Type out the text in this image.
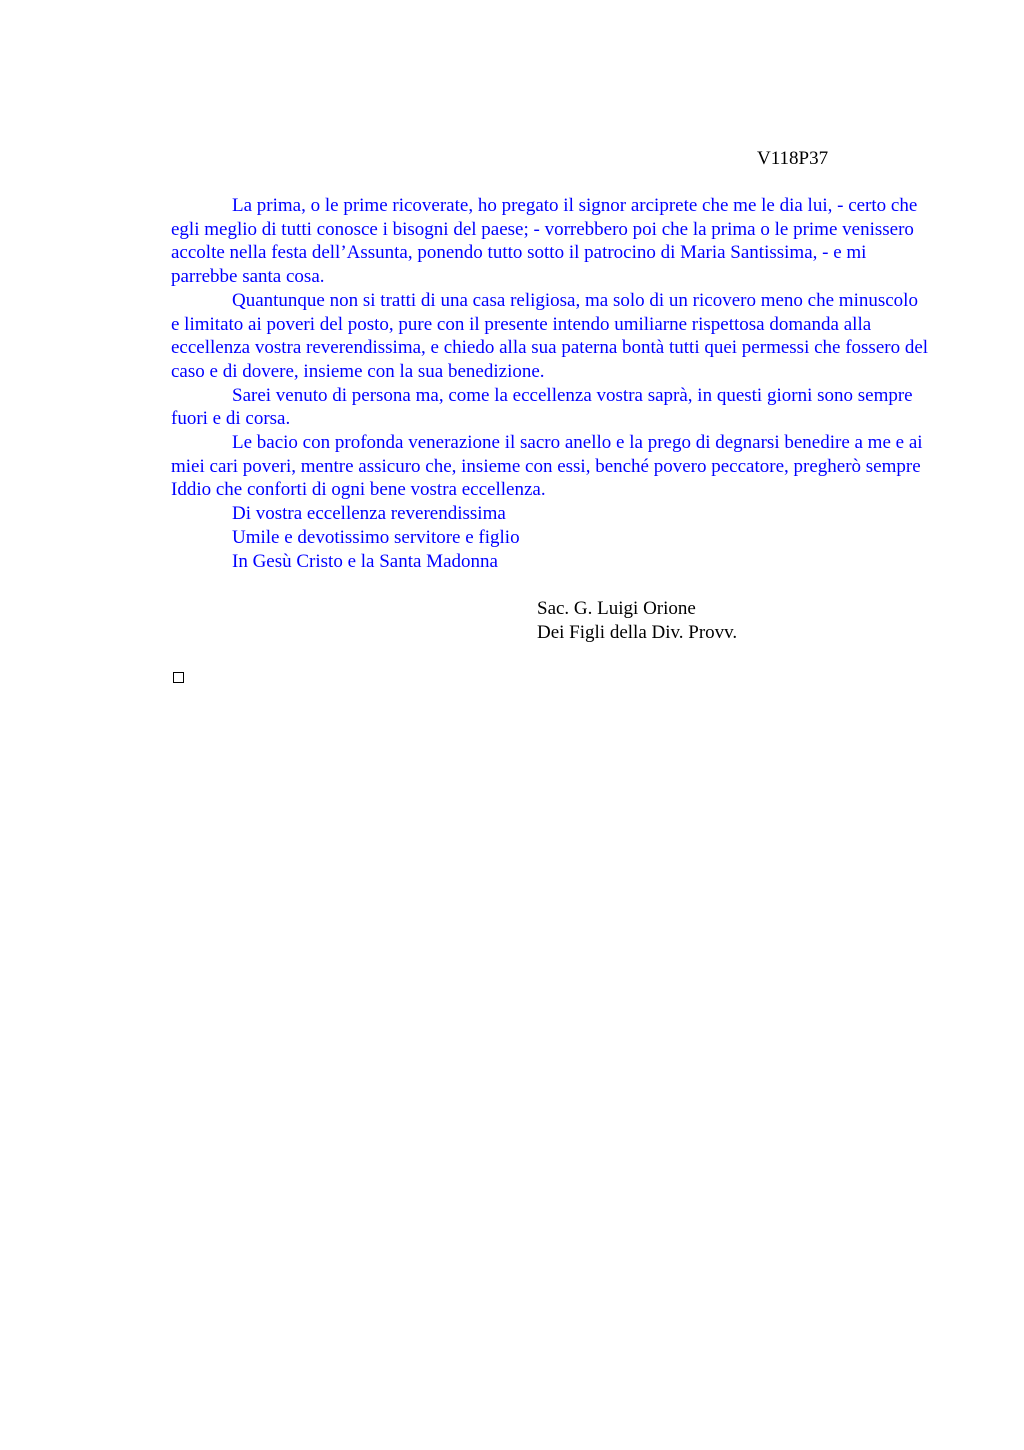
V118P37

La prima, o le prime ricoverate, ho pregato il signor arciprete che me le dia lui, - certo che egli meglio di tutti conosce i bisogni del paese; - vorrebbero poi che la prima o le prime venissero accolte nella festa dell’Assunta, ponendo tutto sotto il patrocino di Maria Santissima, - e mi parrebbe santa cosa.

Quantunque non si tratti di una casa religiosa, ma solo di un ricovero meno che minuscolo e limitato ai poveri del posto, pure con il presente intendo umiliarne rispettosa domanda alla eccellenza vostra reverendissima, e chiedo alla sua paterna bontà tutti quei permessi che fossero del caso e di dovere, insieme con la sua benedizione.

Sarei venuto di persona ma, come la eccellenza vostra saprà, in questi giorni sono sempre fuori e di corsa.

Le bacio con profonda venerazione il sacro anello e la prego di degnarsi benedire a me e ai miei cari poveri, mentre assicuro che, insieme con essi, benché povero peccatore, pregherò sempre Iddio che conforti di ogni bene vostra eccellenza.

Di vostra eccellenza reverendissima
Umile e devotissimo servitore e figlio
In Gesù Cristo e la Santa Madonna
Sac. G. Luigi Orione
Dei Figli della Div. Provv.
